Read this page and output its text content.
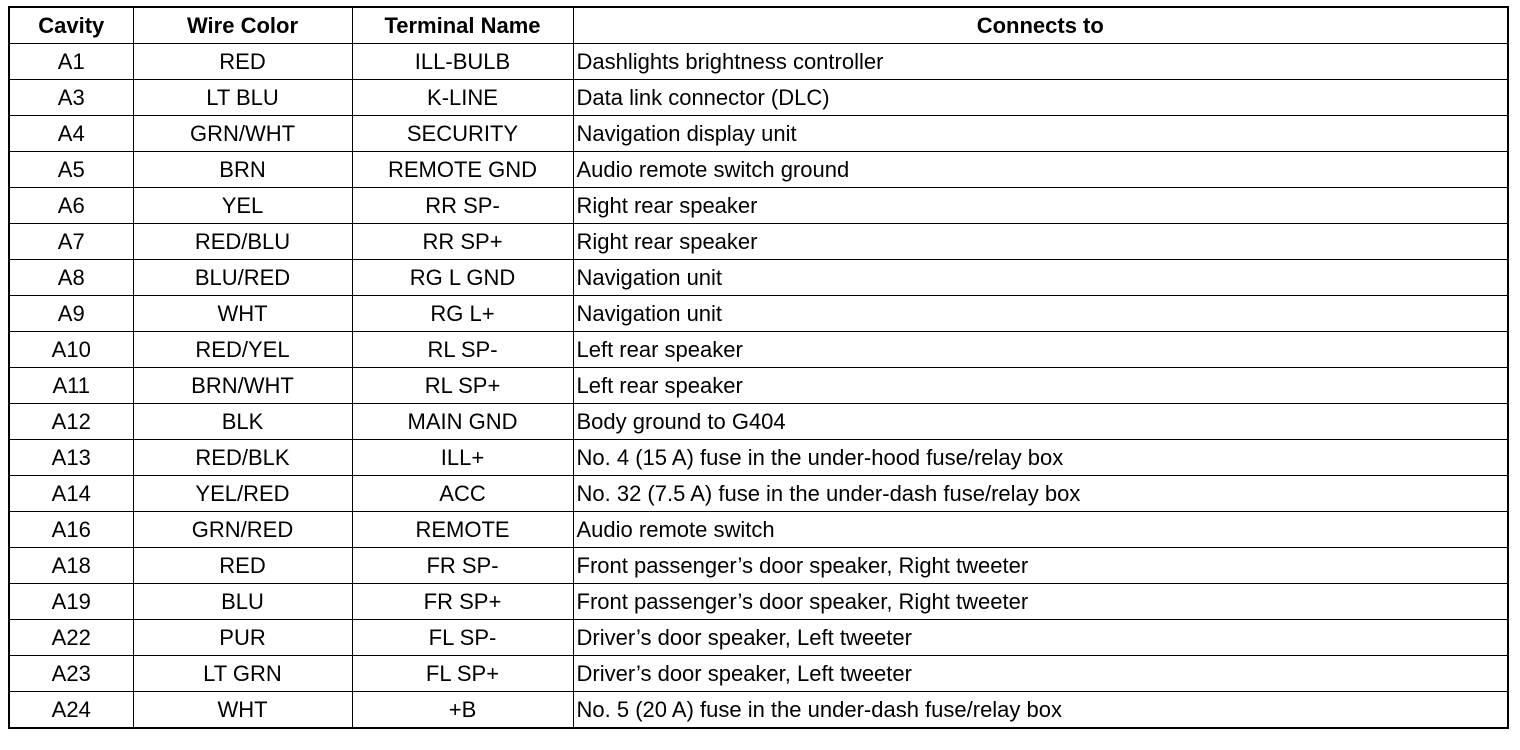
Cavity	Wire Color	Terminal Name	Connects to
A1	RED	ILL-BULB	Dashlights brightness controller
A3	LT BLU	K-LINE	Data link connector (DLC)
A4	GRN/WHT	SECURITY	Navigation display unit
A5	BRN	REMOTE GND	Audio remote switch ground
A6	YEL	RR SP-	Right rear speaker
A7	RED/BLU	RR SP+	Right rear speaker
A8	BLU/RED	RG L GND	Navigation unit
A9	WHT	RG L+	Navigation unit
A10	RED/YEL	RL SP-	Left rear speaker
A11	BRN/WHT	RL SP+	Left rear speaker
A12	BLK	MAIN GND	Body ground to G404
A13	RED/BLK	ILL+	No. 4 (15 A) fuse in the under-hood fuse/relay box
A14	YEL/RED	ACC	No. 32 (7.5 A) fuse in the under-dash fuse/relay box
A16	GRN/RED	REMOTE	Audio remote switch
A18	RED	FR SP-	Front passenger’s door speaker, Right tweeter
A19	BLU	FR SP+	Front passenger’s door speaker, Right tweeter
A22	PUR	FL SP-	Driver’s door speaker, Left tweeter
A23	LT GRN	FL SP+	Driver’s door speaker, Left tweeter
A24	WHT	+B	No. 5 (20 A) fuse in the under-dash fuse/relay box
